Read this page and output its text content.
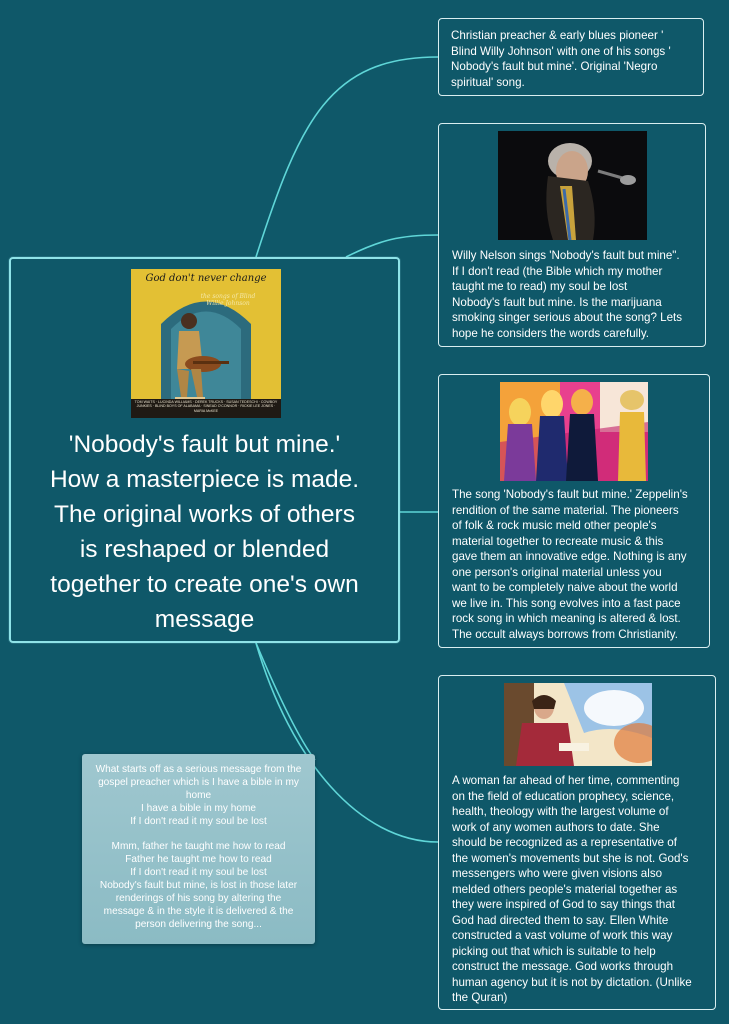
God don't never change
the songs of Blind Willie Johnson
TOM WAITS · LUCINDA WILLIAMS · DEREK TRUCKS · SUSAN TEDESCHI · COWBOY JUNKIES · BLIND BOYS OF ALABAMA · SINEAD O'CONNOR · RICKIE LEE JONES · MARIA McKEE
'Nobody's fault but mine.'
How a masterpiece is made.
The original works of others
is reshaped or blended
together to create one's own
message
Christian preacher & early blues pioneer '
Blind Willy Johnson' with one of his songs '
Nobody's fault but mine'. Original 'Negro
spiritual' song.
Willy Nelson sings 'Nobody's fault but mine".
If I don't read (the Bible which my mother
taught me to read) my soul be lost
Nobody's fault but mine. Is the marijuana
smoking singer serious about the song? Lets
hope he considers the words carefully.
The song 'Nobody's fault but mine.' Zeppelin's
rendition of the same material. The pioneers
of folk & rock music meld other people's
material together to recreate music & this
gave them an innovative edge. Nothing is any
one person's original material unless you
want to be completely naive about the world
we live in. This song evolves into a fast pace
rock song in which meaning is altered & lost.
The occult always borrows from Christianity.
A woman far ahead of her time, commenting
on the field of education prophecy, science,
health, theology with the largest volume of
work of any women authors to date. She
should be recognized as a representative of
the women's movements but she is not. God's
messengers who were given visions also
melded others people's material together as
they were inspired of God to say things that
God had directed them to say. Ellen White
constructed a vast volume of work this way
picking out that which is suitable to help
construct the message. God works through
human agency but it is not by dictation. (Unlike
the Quran)
What starts off as a serious message from the
gospel preacher which is I have a bible in my
home
I have a bible in my home
If I don't read it my soul be lost

Mmm, father he taught me how to read
Father he taught me how to read
If I don't read it my soul be lost
Nobody's fault but mine, is lost in those later
renderings of his song by altering the
message & in the style it is delivered & the
person delivering the song...
